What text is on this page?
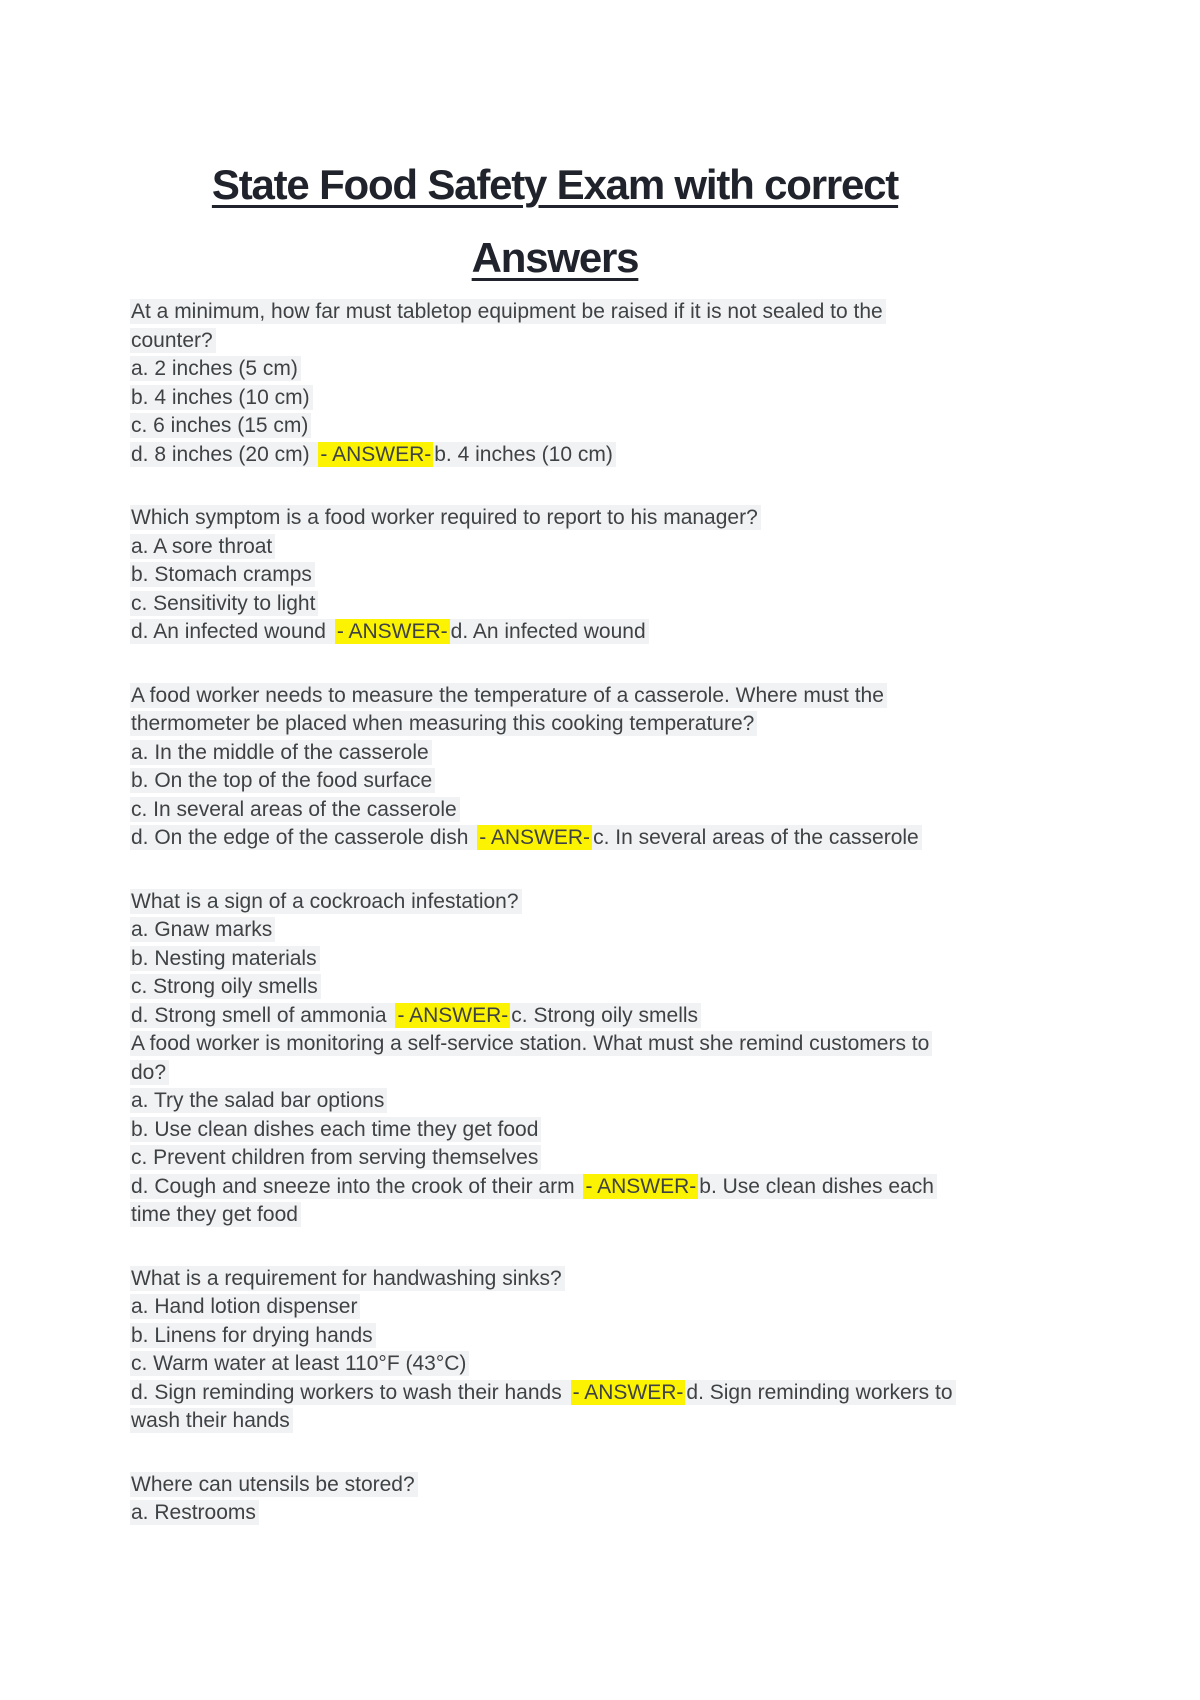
State Food Safety Exam with correct
Answers
At a minimum, how far must tabletop equipment be raised if it is not sealed to the
counter?
a. 2 inches (5 cm)
b. 4 inches (10 cm)
c. 6 inches (15 cm)
d. 8 inches (20 cm) - ANSWER- b. 4 inches (10 cm)
Which symptom is a food worker required to report to his manager?
a. A sore throat
b. Stomach cramps
c. Sensitivity to light
d. An infected wound - ANSWER- d. An infected wound
A food worker needs to measure the temperature of a casserole. Where must the
thermometer be placed when measuring this cooking temperature?
a. In the middle of the casserole
b. On the top of the food surface
c. In several areas of the casserole
d. On the edge of the casserole dish - ANSWER- c. In several areas of the casserole
What is a sign of a cockroach infestation?
a. Gnaw marks
b. Nesting materials
c. Strong oily smells
d. Strong smell of ammonia - ANSWER- c. Strong oily smells
A food worker is monitoring a self-service station. What must she remind customers to
do?
a. Try the salad bar options
b. Use clean dishes each time they get food
c. Prevent children from serving themselves
d. Cough and sneeze into the crook of their arm - ANSWER- b. Use clean dishes each
time they get food
What is a requirement for handwashing sinks?
a. Hand lotion dispenser
b. Linens for drying hands
c. Warm water at least 110°F (43°C)
d. Sign reminding workers to wash their hands - ANSWER- d. Sign reminding workers to
wash their hands
Where can utensils be stored?
a. Restrooms
